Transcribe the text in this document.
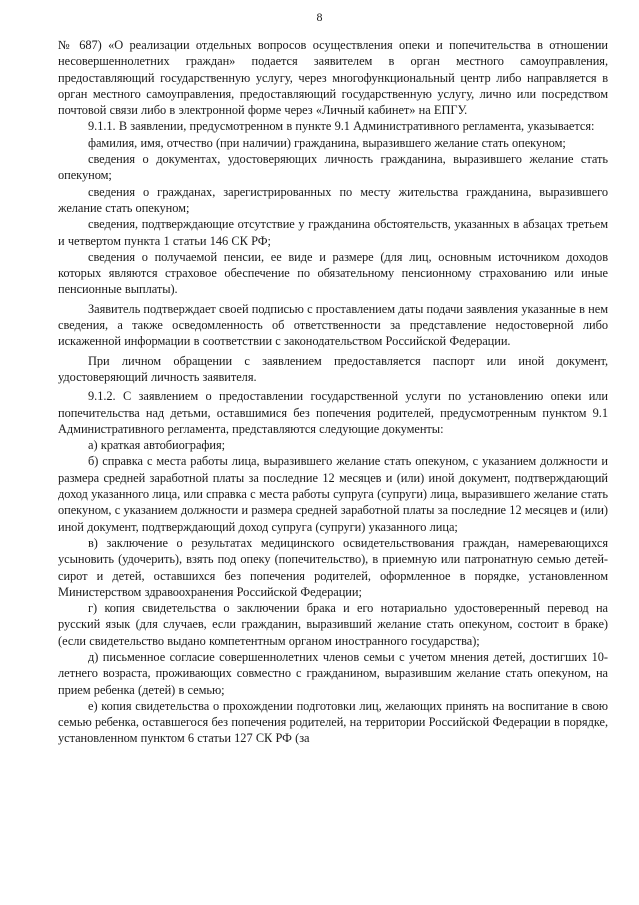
8

№ 687) «О реализации отдельных вопросов осуществления опеки и попечительства в отношении несовершеннолетних граждан» подается заявителем в орган местного самоуправления, предоставляющий государственную услугу, через многофункциональный центр либо направляется в орган местного самоуправления, предоставляющий государственную услугу, лично или посредством почтовой связи либо в электронной форме через «Личный кабинет» на ЕПГУ.

9.1.1. В заявлении, предусмотренном в пункте 9.1 Административного регламента, указывается:

фамилия, имя, отчество (при наличии) гражданина, выразившего желание стать опекуном;

сведения о документах, удостоверяющих личность гражданина, выразившего желание стать опекуном;

сведения о гражданах, зарегистрированных по месту жительства гражданина, выразившего желание стать опекуном;

сведения, подтверждающие отсутствие у гражданина обстоятельств, указанных в абзацах третьем и четвертом пункта 1 статьи 146 СК РФ;

сведения о получаемой пенсии, ее виде и размере (для лиц, основным источником доходов которых являются страховое обеспечение по обязательному пенсионному страхованию или иные пенсионные выплаты).

Заявитель подтверждает своей подписью с проставлением даты подачи заявления указанные в нем сведения, а также осведомленность об ответственности за представление недостоверной либо искаженной информации в соответствии с законодательством Российской Федерации.

При личном обращении с заявлением предоставляется паспорт или иной документ, удостоверяющий личность заявителя.

9.1.2. С заявлением о предоставлении государственной услуги по установлению опеки или попечительства над детьми, оставшимися без попечения родителей, предусмотренным пунктом 9.1 Административного регламента, представляются следующие документы:

а) краткая автобиография;

б) справка с места работы лица, выразившего желание стать опекуном, с указанием должности и размера средней заработной платы за последние 12 месяцев и (или) иной документ, подтверждающий доход указанного лица, или справка с места работы супруга (супруги) лица, выразившего желание стать опекуном, с указанием должности и размера средней заработной платы за последние 12 месяцев и (или) иной документ, подтверждающий доход супруга (супруги) указанного лица;

в) заключение о результатах медицинского освидетельствования граждан, намеревающихся усыновить (удочерить), взять под опеку (попечительство), в приемную или патронатную семью детей-сирот и детей, оставшихся без попечения родителей, оформленное в порядке, установленном Министерством здравоохранения Российской Федерации;

г) копия свидетельства о заключении брака и его нотариально удостоверенный перевод на русский язык (для случаев, если гражданин, выразивший желание стать опекуном, состоит в браке) (если свидетельство выдано компетентным органом иностранного государства);

д) письменное согласие совершеннолетних членов семьи с учетом мнения детей, достигших 10-летнего возраста, проживающих совместно с гражданином, выразившим желание стать опекуном, на прием ребенка (детей) в семью;

е) копия свидетельства о прохождении подготовки лиц, желающих принять на воспитание в свою семью ребенка, оставшегося без попечения родителей, на территории Российской Федерации в порядке, установленном пунктом 6 статьи 127 СК РФ (за
